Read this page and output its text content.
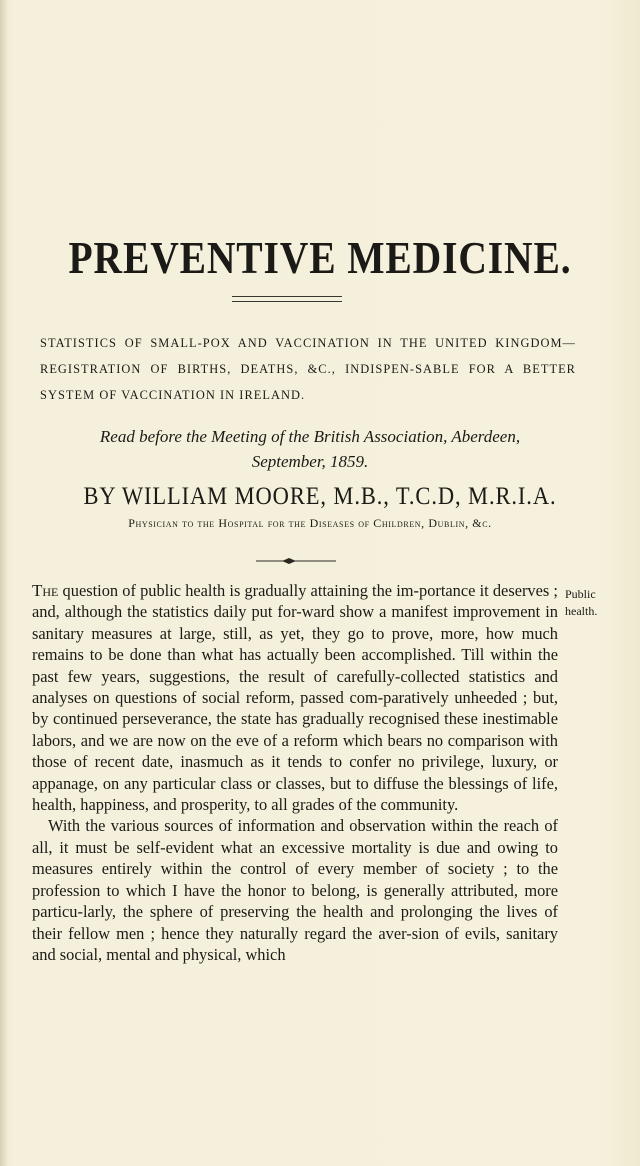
PREVENTIVE MEDICINE.

STATISTICS OF SMALL-POX AND VACCINATION IN THE UNITED KINGDOM—REGISTRATION OF BIRTHS, DEATHS, &C., INDISPEN-SABLE FOR A BETTER SYSTEM OF VACCINATION IN IRELAND.

Read before the Meeting of the British Association, Aberdeen,
September, 1859.

BY WILLIAM MOORE, M.B., T.C.D, M.R.I.A.

Physician to the Hospital for the Diseases of Children, Dublin, &c.

Public
health.

The question of public health is gradually attaining the im-portance it deserves ; and, although the statistics daily put for-ward show a manifest improvement in sanitary measures at large, still, as yet, they go to prove, more, how much remains to be done than what has actually been accomplished. Till within the past few years, suggestions, the result of carefully-collected statistics and analyses on questions of social reform, passed com-paratively unheeded ; but, by continued perseverance, the state has gradually recognised these inestimable labors, and we are now on the eve of a reform which bears no comparison with those of recent date, inasmuch as it tends to confer no privilege, luxury, or appanage, on any particular class or classes, but to diffuse the blessings of life, health, happiness, and prosperity, to all grades of the community.

With the various sources of information and observation within the reach of all, it must be self-evident what an excessive mortality is due and owing to measures entirely within the control of every member of society ; to the profession to which I have the honor to belong, is generally attributed, more particu-larly, the sphere of preserving the health and prolonging the lives of their fellow men ; hence they naturally regard the aver-sion of evils, sanitary and social, mental and physical, which
